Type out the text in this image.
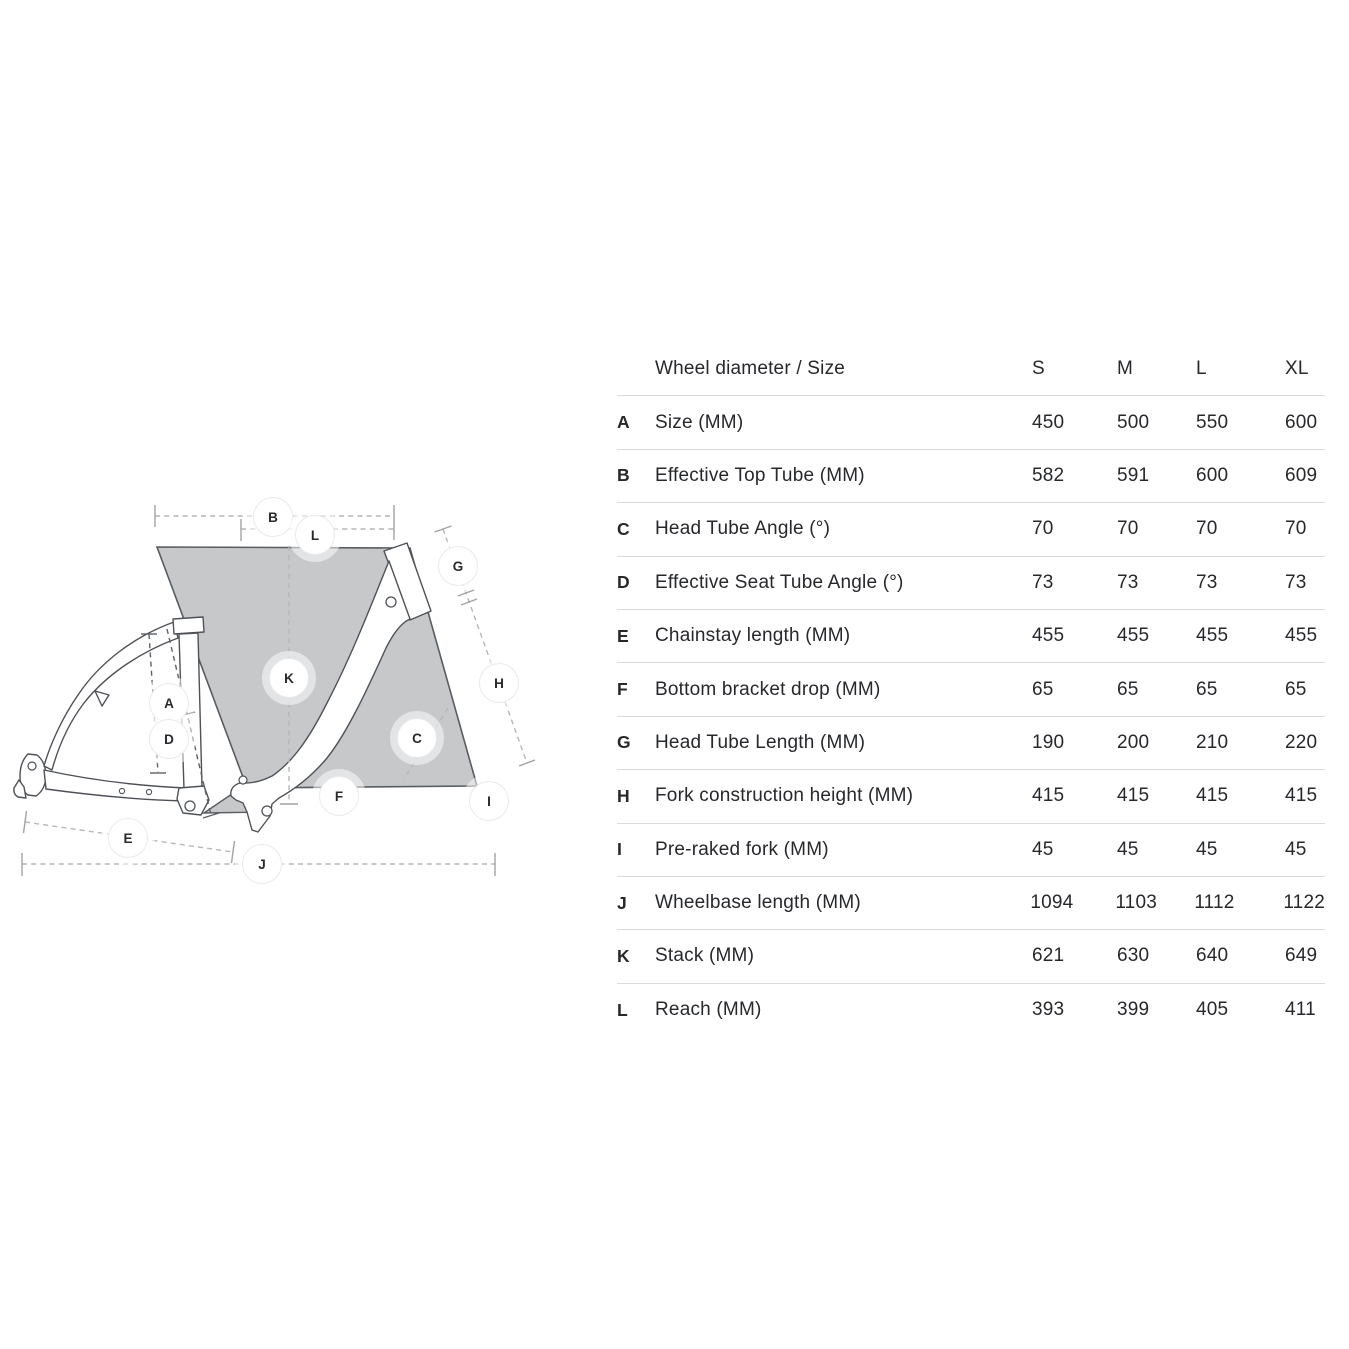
A
B
C
D
E
F
G
H
I
J
K
L
Wheel diameter / Size	S	M	L	XL
A	Size (MM)	450	500	550	600
B	Effective Top Tube (MM)	582	591	600	609
C	Head Tube Angle (°)	70	70	70	70
D	Effective Seat Tube Angle (°)	73	73	73	73
E	Chainstay length (MM)	455	455	455	455
F	Bottom bracket drop (MM)	65	65	65	65
G	Head Tube Length (MM)	190	200	210	220
H	Fork construction height (MM)	415	415	415	415
I	Pre-raked fork (MM)	45	45	45	45
J	Wheelbase length (MM)	1094	1103	1112	1122
K	Stack (MM)	621	630	640	649
L	Reach (MM)	393	399	405	411
